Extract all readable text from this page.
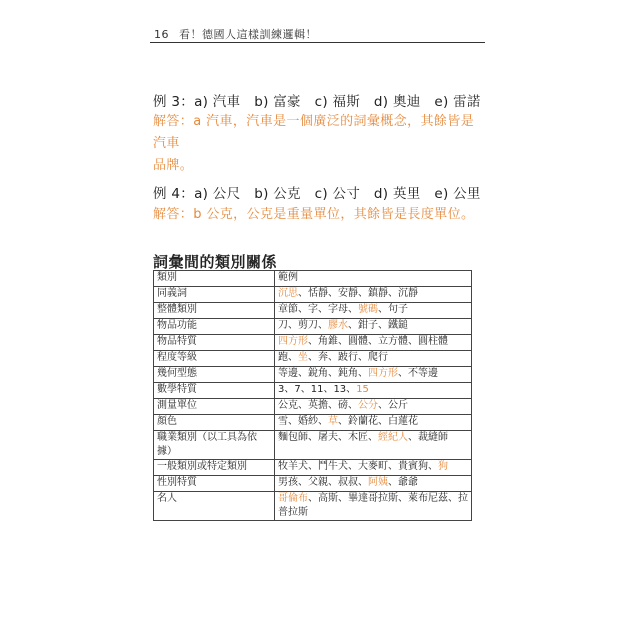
16 看！德國人這樣訓練邏輯！
例 3：a) 汽車　b) 富豪　c) 福斯　d) 奧迪　e) 雷諾
解答：a 汽車，汽車是一個廣泛的詞彙概念，其餘皆是汽車
品牌。
例 4：a) 公尺　b) 公克　c) 公寸　d) 英里　e) 公里
解答：b 公克，公克是重量單位，其餘皆是長度單位。
詞彙間的類別關係
類別	範例
同義詞	沉思、恬靜、安靜、鎮靜、沉靜
整體類別	章節、字、字母、號碼、句子
物品功能	刀、剪刀、膠水、鉗子、鐵鎚
物品特質	四方形、角錐、圓體、立方體、圓柱體
程度等級	跑、坐、奔、跛行、爬行
幾何型態	等邊、銳角、鈍角、四方形、不等邊
數學特質	3、7、11、13、15
測量單位	公克、英擔、磅、公分、公斤
顏色	雪、婚紗、草、鈴蘭花、白蓮花
職業類別（以工具為依據）	麵包師、屠夫、木匠、經紀人、裁縫師
一般類別或特定類別	牧羊犬、鬥牛犬、大麥町、貴賓狗、狗
性別特質	男孩、父親、叔叔、阿姨、爺爺
名人	哥倫布、高斯、畢達哥拉斯、萊布尼茲、拉普拉斯
